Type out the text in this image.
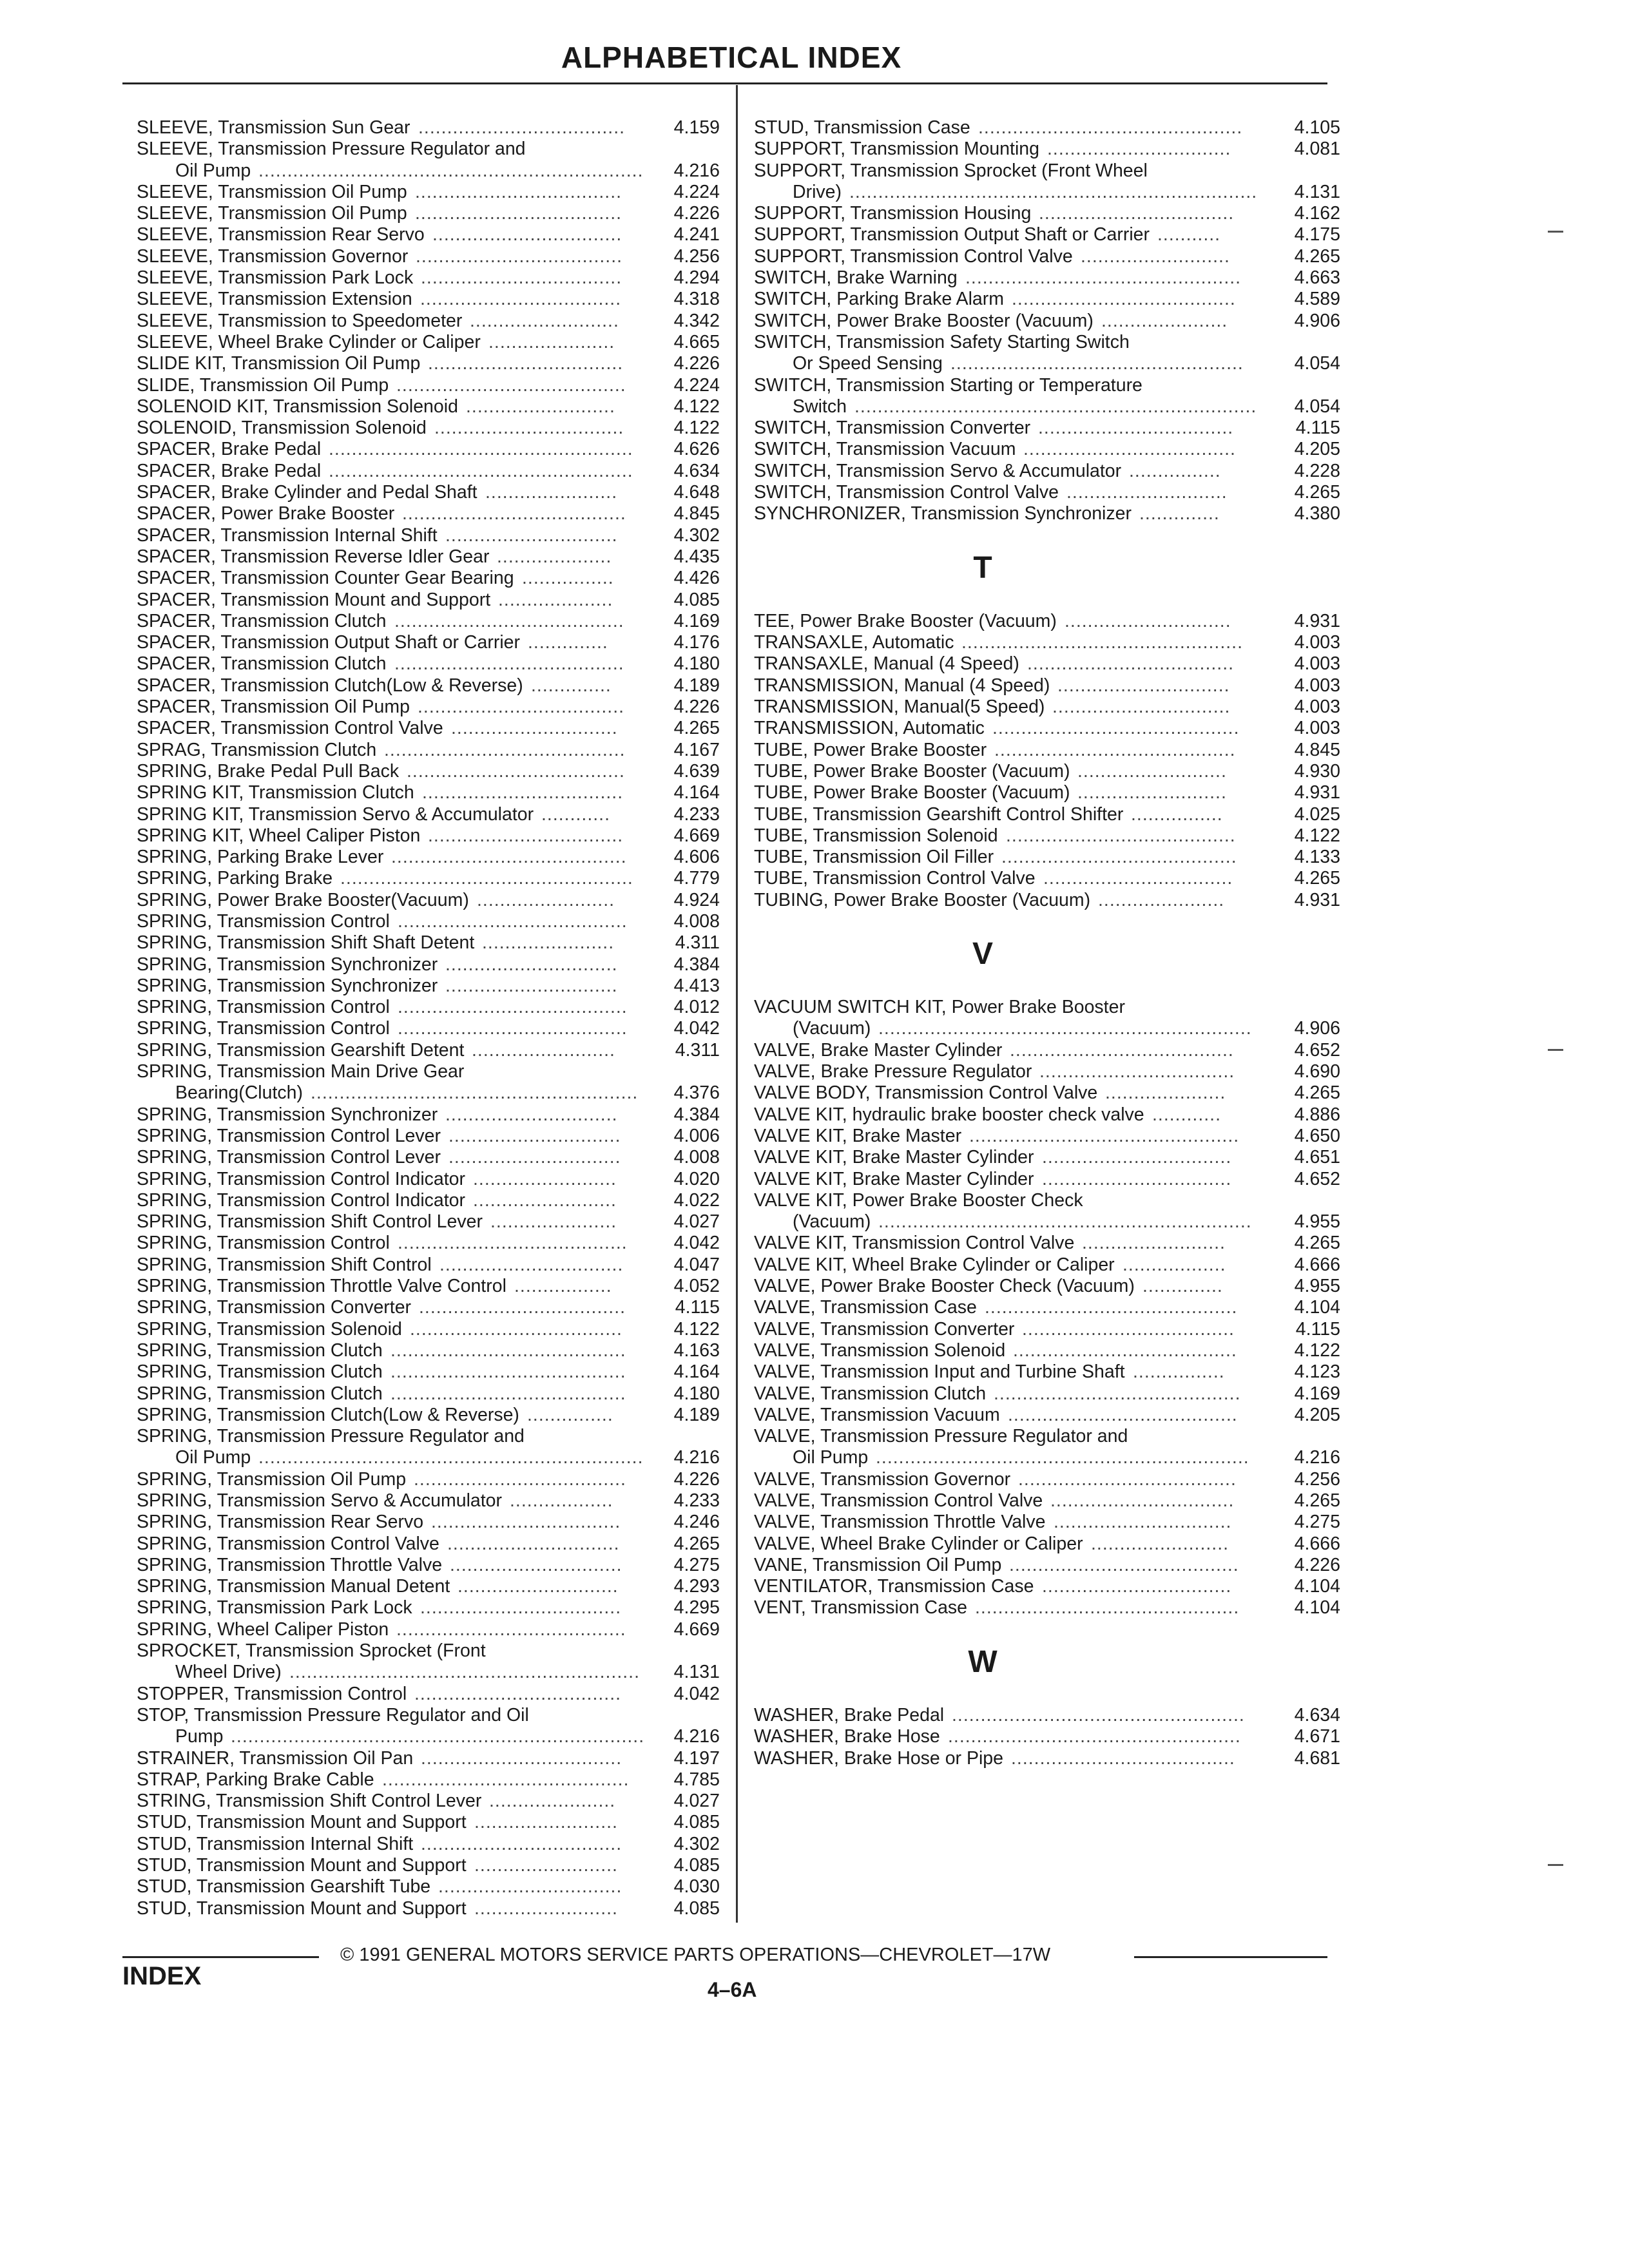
ALPHABETICAL INDEX
SLEEVE, Transmission Sun Gear	4.159
....................................
SLEEVE, Transmission Pressure Regulator and
Oil Pump	4.216
...................................................................
SLEEVE, Transmission Oil Pump	4.224
....................................
SLEEVE, Transmission Oil Pump	4.226
....................................
SLEEVE, Transmission Rear Servo	4.241
.................................
SLEEVE, Transmission Governor	4.256
....................................
SLEEVE, Transmission Park Lock	4.294
...................................
SLEEVE, Transmission Extension	4.318
...................................
SLEEVE, Transmission to Speedometer	4.342
..........................
SLEEVE, Wheel Brake Cylinder or Caliper	4.665
......................
SLIDE KIT, Transmission Oil Pump	4.226
..................................
SLIDE, Transmission Oil Pump	4.224
........................................
SOLENOID KIT, Transmission Solenoid	4.122
..........................
SOLENOID, Transmission Solenoid	4.122
.................................
SPACER, Brake Pedal	4.626
.....................................................
SPACER, Brake Pedal	4.634
.....................................................
SPACER, Brake Cylinder and Pedal Shaft	4.648
.......................
SPACER, Power Brake Booster	4.845
.......................................
SPACER, Transmission Internal Shift	4.302
..............................
SPACER, Transmission Reverse Idler Gear	4.435
....................
SPACER, Transmission Counter Gear Bearing	4.426
................
SPACER, Transmission Mount and Support	4.085
....................
SPACER, Transmission Clutch	4.169
........................................
SPACER, Transmission Output Shaft or Carrier	4.176
..............
SPACER, Transmission Clutch	4.180
........................................
SPACER, Transmission Clutch(Low & Reverse)	4.189
..............
SPACER, Transmission Oil Pump	4.226
....................................
SPACER, Transmission Control Valve	4.265
.............................
SPRAG, Transmission Clutch	4.167
..........................................
SPRING, Brake Pedal Pull Back	4.639
......................................
SPRING KIT, Transmission Clutch	4.164
...................................
SPRING KIT, Transmission Servo & Accumulator	4.233
............
SPRING KIT, Wheel Caliper Piston	4.669
..................................
SPRING, Parking Brake Lever	4.606
.........................................
SPRING, Parking Brake	4.779
...................................................
SPRING, Power Brake Booster(Vacuum)	4.924
........................
SPRING, Transmission Control	4.008
........................................
SPRING, Transmission Shift Shaft Detent	4.311
.......................
SPRING, Transmission Synchronizer	4.384
..............................
SPRING, Transmission Synchronizer	4.413
..............................
SPRING, Transmission Control	4.012
........................................
SPRING, Transmission Control	4.042
........................................
SPRING, Transmission Gearshift Detent	4.311
.........................
SPRING, Transmission Main Drive Gear
Bearing(Clutch)	4.376
.........................................................
SPRING, Transmission Synchronizer	4.384
..............................
SPRING, Transmission Control Lever	4.006
..............................
SPRING, Transmission Control Lever	4.008
..............................
SPRING, Transmission Control Indicator	4.020
.........................
SPRING, Transmission Control Indicator	4.022
.........................
SPRING, Transmission Shift Control Lever	4.027
......................
SPRING, Transmission Control	4.042
........................................
SPRING, Transmission Shift Control	4.047
................................
SPRING, Transmission Throttle Valve Control	4.052
.................
SPRING, Transmission Converter	4.115
....................................
SPRING, Transmission Solenoid	4.122
.....................................
SPRING, Transmission Clutch	4.163
.........................................
SPRING, Transmission Clutch	4.164
.........................................
SPRING, Transmission Clutch	4.180
.........................................
SPRING, Transmission Clutch(Low & Reverse)	4.189
...............
SPRING, Transmission Pressure Regulator and
Oil Pump	4.216
...................................................................
SPRING, Transmission Oil Pump	4.226
.....................................
SPRING, Transmission Servo & Accumulator	4.233
..................
SPRING, Transmission Rear Servo	4.246
.................................
SPRING, Transmission Control Valve	4.265
..............................
SPRING, Transmission Throttle Valve	4.275
..............................
SPRING, Transmission Manual Detent	4.293
............................
SPRING, Transmission Park Lock	4.295
...................................
SPRING, Wheel Caliper Piston	4.669
........................................
SPROCKET, Transmission Sprocket (Front
Wheel Drive)	4.131
.............................................................
STOPPER, Transmission Control	4.042
....................................
STOP, Transmission Pressure Regulator and Oil
Pump	4.216
........................................................................
STRAINER, Transmission Oil Pan	4.197
...................................
STRAP, Parking Brake Cable	4.785
...........................................
STRING, Transmission Shift Control Lever	4.027
......................
STUD, Transmission Mount and Support	4.085
.........................
STUD, Transmission Internal Shift	4.302
...................................
STUD, Transmission Mount and Support	4.085
.........................
STUD, Transmission Gearshift Tube	4.030
................................
STUD, Transmission Mount and Support	4.085
.........................
STUD, Transmission Case	4.105
..............................................
SUPPORT, Transmission Mounting	4.081
................................
SUPPORT, Transmission Sprocket (Front Wheel
Drive)	4.131
.......................................................................
SUPPORT, Transmission Housing	4.162
..................................
SUPPORT, Transmission Output Shaft or Carrier	4.175
...........
SUPPORT, Transmission Control Valve	4.265
..........................
SWITCH, Brake Warning	4.663
................................................
SWITCH, Parking Brake Alarm	4.589
.......................................
SWITCH, Power Brake Booster (Vacuum)	4.906
......................
SWITCH, Transmission Safety Starting Switch
Or Speed Sensing	4.054
...................................................
SWITCH, Transmission Starting or Temperature
Switch	4.054
......................................................................
SWITCH, Transmission Converter	4.115
..................................
SWITCH, Transmission Vacuum	4.205
.....................................
SWITCH, Transmission Servo & Accumulator	4.228
................
SWITCH, Transmission Control Valve	4.265
............................
SYNCHRONIZER, Transmission Synchronizer	4.380
..............
T
TEE, Power Brake Booster (Vacuum)	4.931
.............................
TRANSAXLE, Automatic	4.003
.................................................
TRANSAXLE, Manual (4 Speed)	4.003
....................................
TRANSMISSION, Manual (4 Speed)	4.003
..............................
TRANSMISSION, Manual(5 Speed)	4.003
...............................
TRANSMISSION, Automatic	4.003
...........................................
TUBE, Power Brake Booster	4.845
..........................................
TUBE, Power Brake Booster (Vacuum)	4.930
..........................
TUBE, Power Brake Booster (Vacuum)	4.931
..........................
TUBE, Transmission Gearshift Control Shifter	4.025
................
TUBE, Transmission Solenoid	4.122
........................................
TUBE, Transmission Oil Filler	4.133
.........................................
TUBE, Transmission Control Valve	4.265
.................................
TUBING, Power Brake Booster (Vacuum)	4.931
......................
V
VACUUM SWITCH KIT, Power Brake Booster
(Vacuum)	4.906
.................................................................
VALVE, Brake Master Cylinder	4.652
.......................................
VALVE, Brake Pressure Regulator	4.690
..................................
VALVE BODY, Transmission Control Valve	4.265
.....................
VALVE KIT, hydraulic brake booster check valve	4.886
............
VALVE KIT, Brake Master	4.650
...............................................
VALVE KIT, Brake Master Cylinder	4.651
.................................
VALVE KIT, Brake Master Cylinder	4.652
.................................
VALVE KIT, Power Brake Booster Check
(Vacuum)	4.955
.................................................................
VALVE KIT, Transmission Control Valve	4.265
.........................
VALVE KIT, Wheel Brake Cylinder or Caliper	4.666
..................
VALVE, Power Brake Booster Check (Vacuum)	4.955
..............
VALVE, Transmission Case	4.104
............................................
VALVE, Transmission Converter	4.115
.....................................
VALVE, Transmission Solenoid	4.122
.......................................
VALVE, Transmission Input and Turbine Shaft	4.123
................
VALVE, Transmission Clutch	4.169
...........................................
VALVE, Transmission Vacuum	4.205
........................................
VALVE, Transmission Pressure Regulator and
Oil Pump	4.216
.................................................................
VALVE, Transmission Governor	4.256
......................................
VALVE, Transmission Control Valve	4.265
................................
VALVE, Transmission Throttle Valve	4.275
...............................
VALVE, Wheel Brake Cylinder or Caliper	4.666
........................
VANE, Transmission Oil Pump	4.226
........................................
VENTILATOR, Transmission Case	4.104
.................................
VENT, Transmission Case	4.104
..............................................
W
WASHER, Brake Pedal	4.634
...................................................
WASHER, Brake Hose	4.671
...................................................
WASHER, Brake Hose or Pipe	4.681
.......................................
© 1991 GENERAL MOTORS SERVICE PARTS OPERATIONS—CHEVROLET—17W
INDEX	4–6A
